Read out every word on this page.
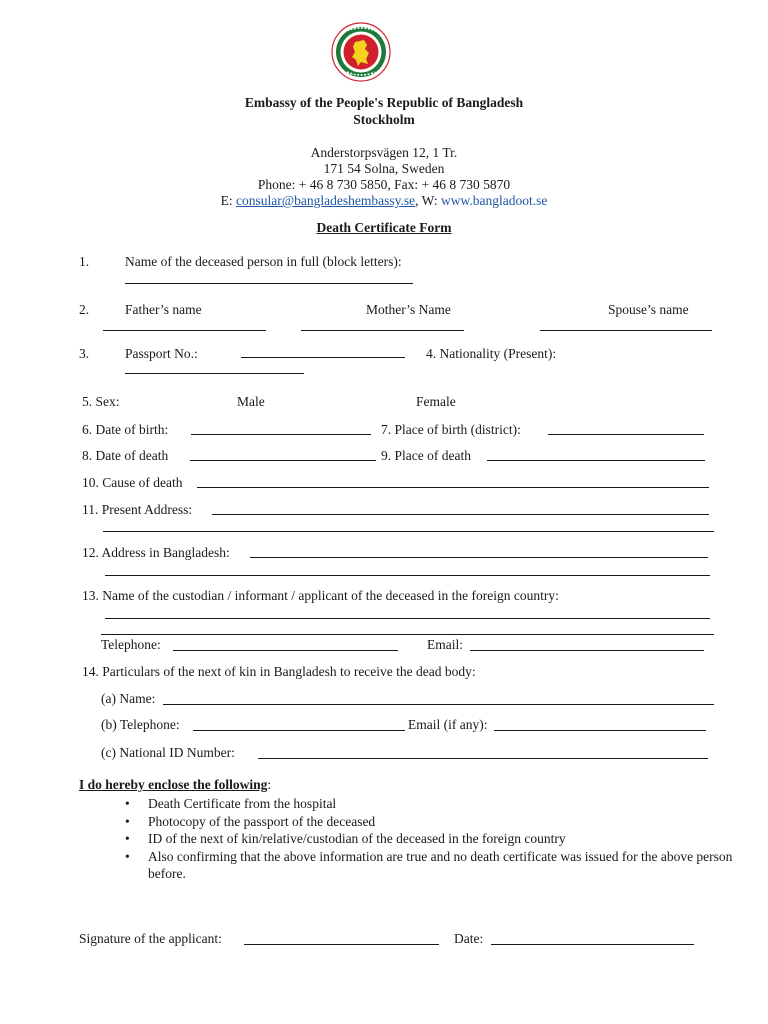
Embassy of the People's Republic of Bangladesh
Stockholm
Anderstorpsvägen 12, 1 Tr.
171 54 Solna, Sweden
Phone: + 46 8 730 5850, Fax: + 46 8 730 5870
E: consular@bangladeshembassy.se, W: www.bangladoot.se
Death Certificate Form
1.	Name of the deceased person in full (block letters):
2.	Father’s name	Mother’s Name	Spouse’s name
3.	Passport No.:	4. Nationality (Present):
5. Sex:	Male	Female
6. Date of birth:	7. Place of birth (district):
8. Date of death	9. Place of death
10. Cause of death
11. Present Address:
12. Address in Bangladesh:
13. Name of the custodian / informant / applicant of the deceased in the foreign country:
Telephone:	Email:
14. Particulars of the next of kin in Bangladesh to receive the dead body:
(a) Name:
(b) Telephone:	Email (if any):
(c) National ID Number:
I do hereby enclose the following:
• Death Certificate from the hospital
• Photocopy of the passport of the deceased
• ID of the next of kin/relative/custodian of the deceased in the foreign country
• Also confirming that the above information are true and no death certificate was issued for the above person before.
Signature of the applicant:	Date:
